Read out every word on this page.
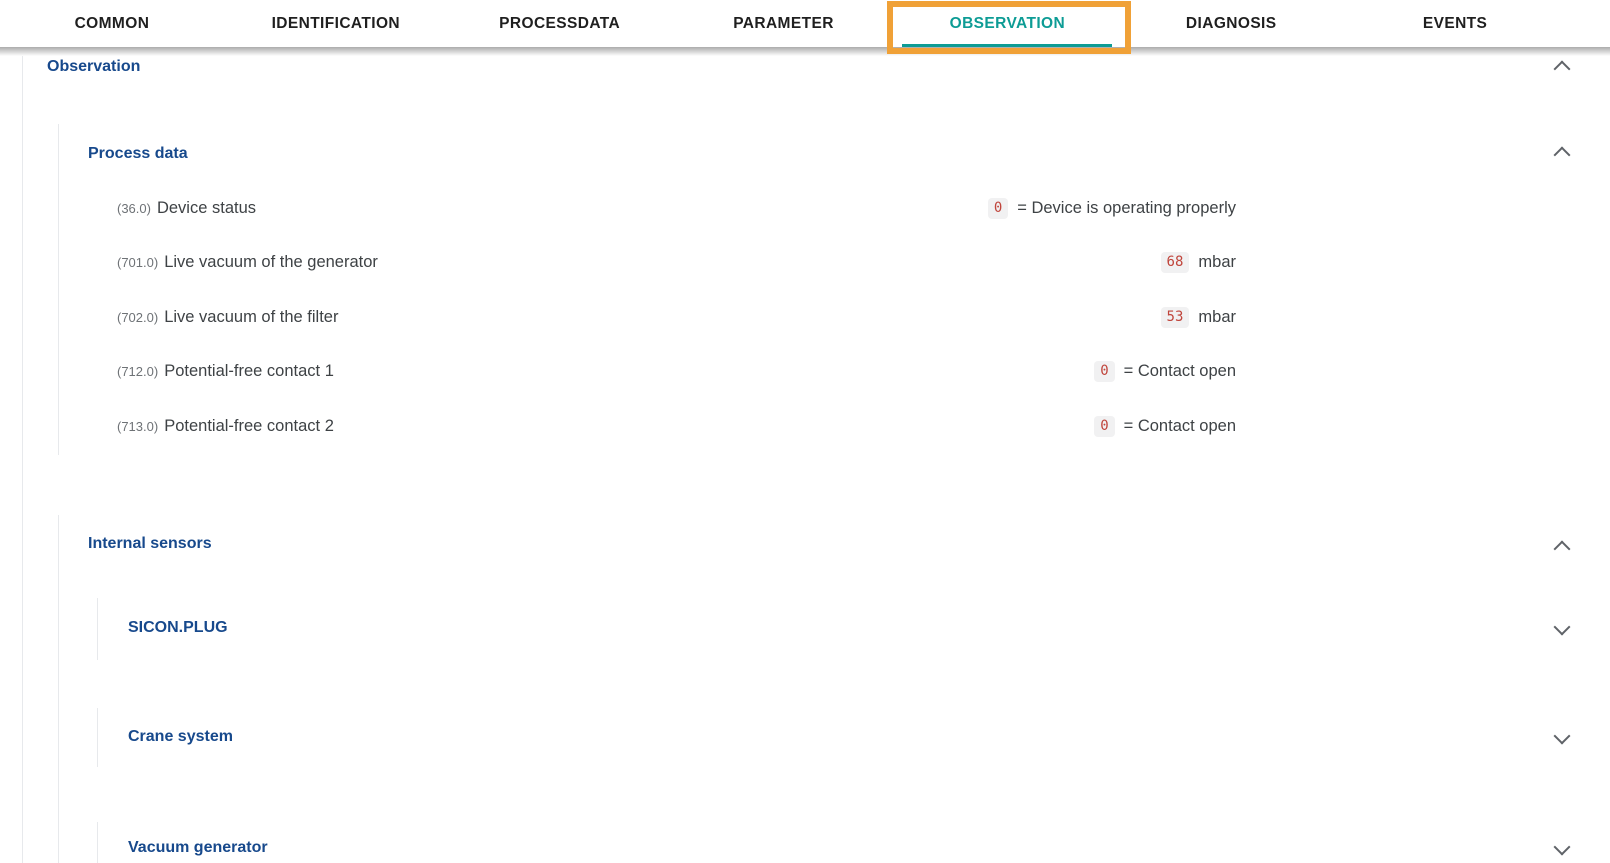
COMMON	IDENTIFICATION	PROCESSDATA	PARAMETER	OBSERVATION	DIAGNOSIS	EVENTS
Observation
Process data
(36.0) Device status	0 = Device is operating properly
(701.0) Live vacuum of the generator	68 mbar
(702.0) Live vacuum of the filter	53 mbar
(712.0) Potential-free contact 1	0 = Contact open
(713.0) Potential-free contact 2	0 = Contact open
Internal sensors
SICON.PLUG
Crane system
Vacuum generator
